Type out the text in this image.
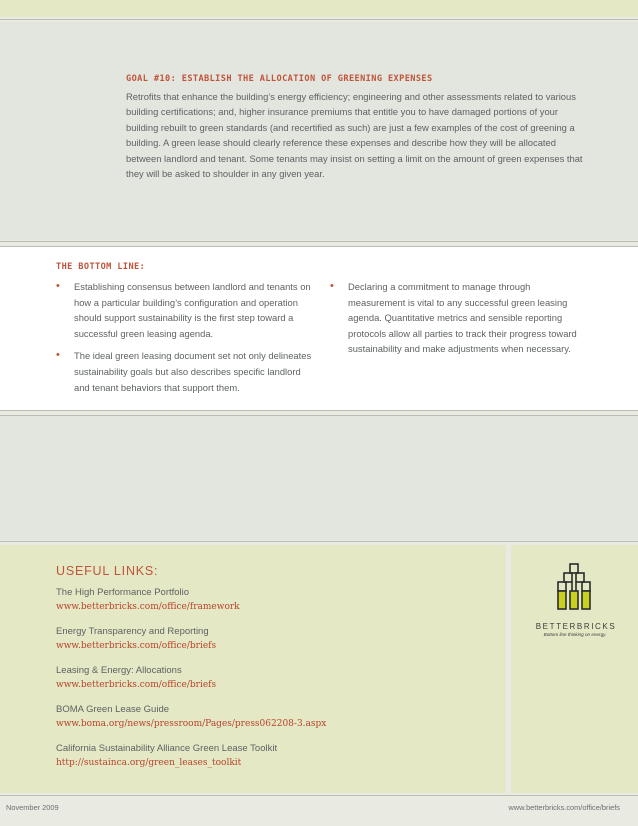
GOAL #10: ESTABLISH THE ALLOCATION OF GREENING EXPENSES

Retrofits that enhance the building’s energy efficiency; engineering and other assessments related to various building certifications; and, higher insurance premiums that entitle you to have damaged portions of your building rebuilt to green standards (and recertified as such) are just a few examples of the cost of greening a building. A green lease should clearly reference these expenses and describe how they will be allocated between landlord and tenant. Some tenants may insist on setting a limit on the amount of green expenses that they will be asked to shoulder in any given year.

THE BOTTOM LINE:
• Establishing consensus between landlord and tenants on how a particular building’s configuration and operation should support sustainability is the first step toward a successful green leasing agenda.
• The ideal green leasing document set not only delineates sustainability goals but also describes specific landlord and tenant behaviors that support them.
• Declaring a commitment to manage through measurement is vital to any successful green leasing agenda. Quantitative metrics and sensible reporting protocols allow all parties to track their progress toward sustainability and make adjustments when necessary.
USEFUL LINKS:
The High Performance Portfolio
www.betterbricks.com/office/framework
Energy Transparency and Reporting
www.betterbricks.com/office/briefs
Leasing & Energy: Allocations
www.betterbricks.com/office/briefs
BOMA Green Lease Guide
www.boma.org/news/pressroom/Pages/press062208-3.aspx
California Sustainability Alliance Green Lease Toolkit
http://sustainca.org/green_leases_toolkit
BETTERBRICKS
Bottom line thinking on energy.
November 2009	www.betterbricks.com/office/briefs
